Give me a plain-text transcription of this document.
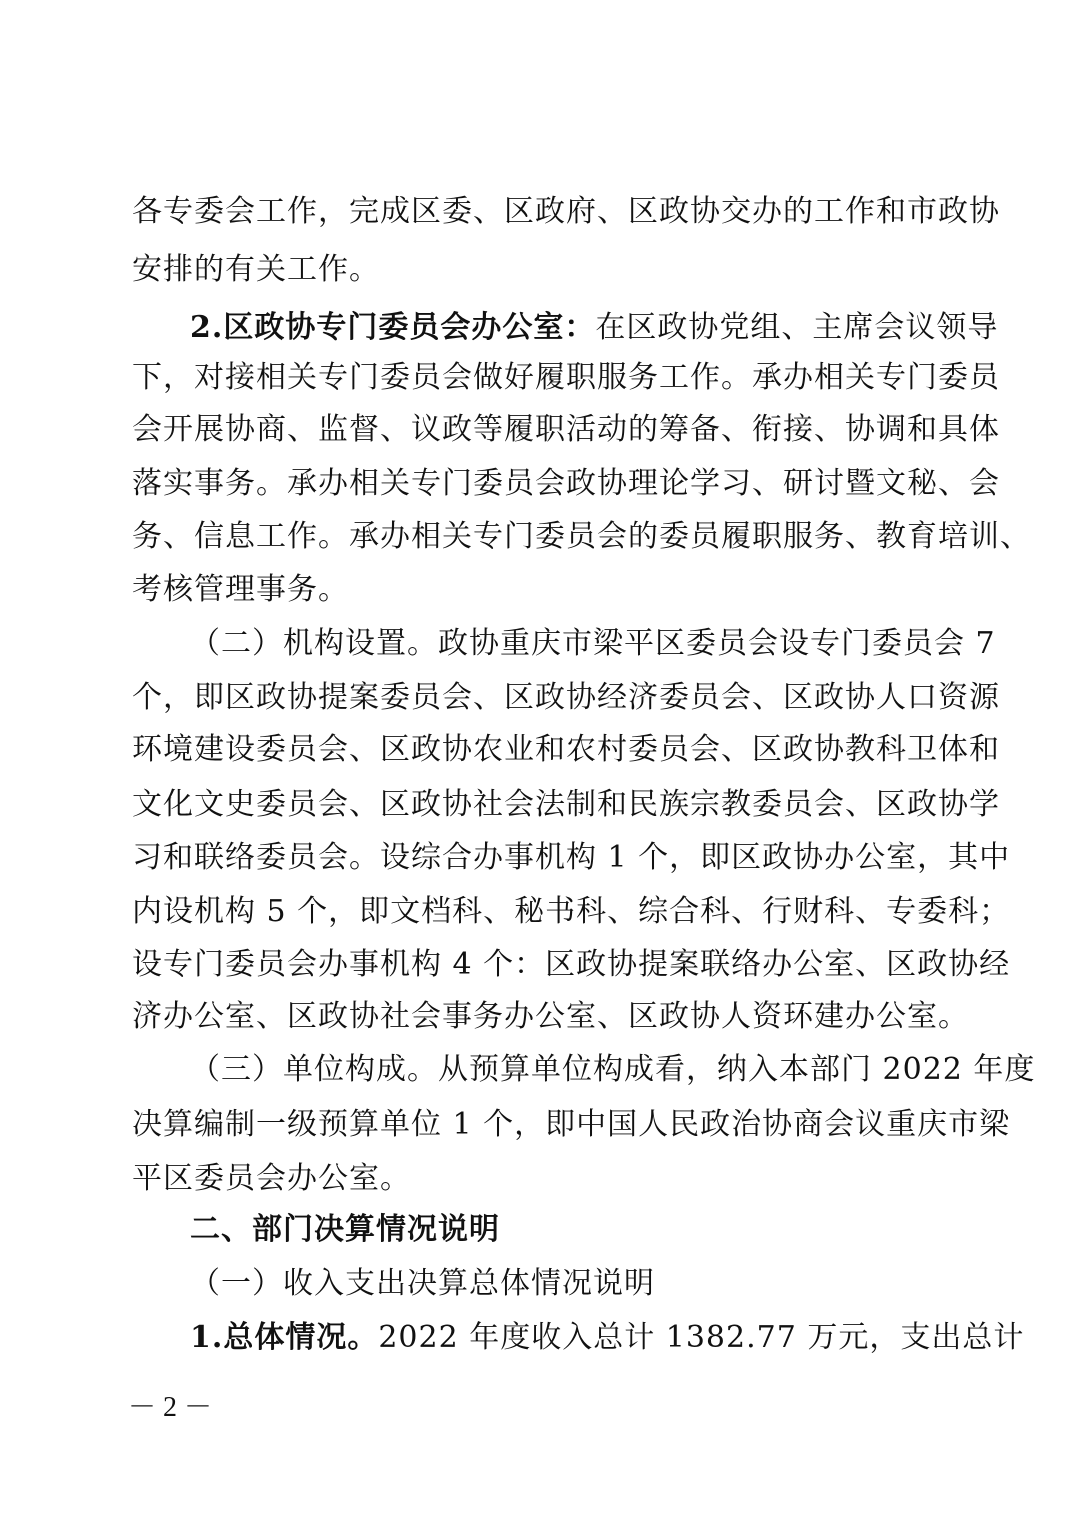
各专委会工作，完成区委、区政府、区政协交办的工作和市政协
安排的有关工作。
2.区政协专门委员会办公室：在区政协党组、主席会议领导
下，对接相关专门委员会做好履职服务工作。承办相关专门委员
会开展协商、监督、议政等履职活动的筹备、衔接、协调和具体
落实事务。承办相关专门委员会政协理论学习、研讨暨文秘、会
务、信息工作。承办相关专门委员会的委员履职服务、教育培训、
考核管理事务。
（二）机构设置。政协重庆市梁平区委员会设专门委员会 7
个，即区政协提案委员会、区政协经济委员会、区政协人口资源
环境建设委员会、区政协农业和农村委员会、区政协教科卫体和
文化文史委员会、区政协社会法制和民族宗教委员会、区政协学
习和联络委员会。设综合办事机构 1 个，即区政协办公室，其中
内设机构 5 个，即文档科、秘书科、综合科、行财科、专委科；
设专门委员会办事机构 4 个：区政协提案联络办公室、区政协经
济办公室、区政协社会事务办公室、区政协人资环建办公室。
（三）单位构成。从预算单位构成看，纳入本部门 2022 年度
决算编制一级预算单位 1 个，即中国人民政治协商会议重庆市梁
平区委员会办公室。
二、部门决算情况说明
（一）收入支出决算总体情况说明
1.总体情况。2022 年度收入总计 1382.77 万元，支出总计
－ 2 －
